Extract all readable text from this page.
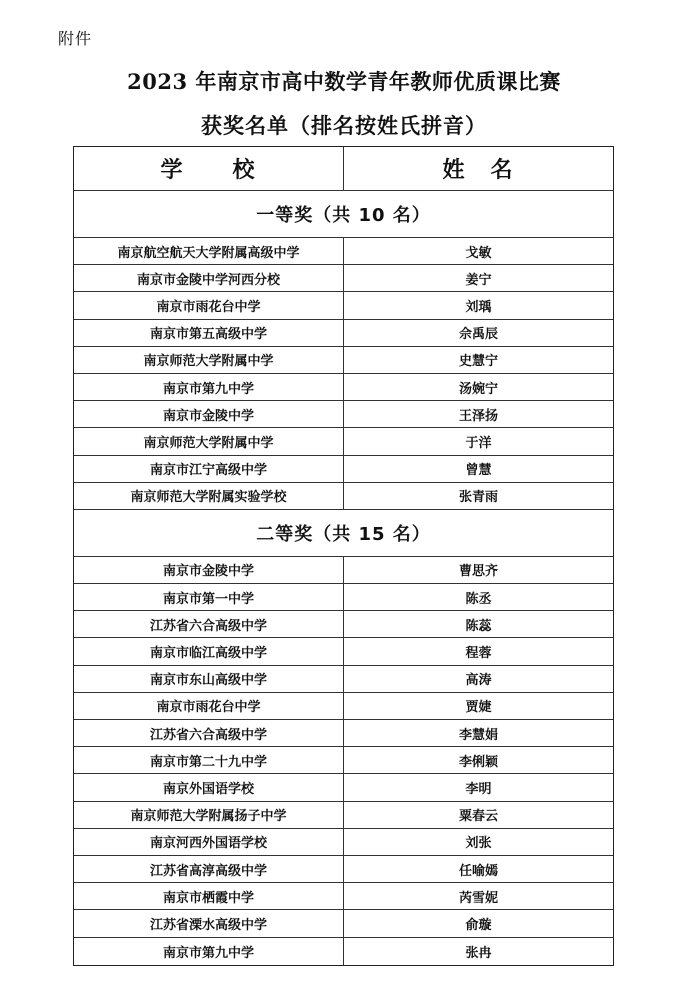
附件
2023 年南京市高中数学青年教师优质课比赛
获奖名单（排名按姓氏拼音）
学　　校	姓　名
一等奖（共 10 名）
南京航空航天大学附属高级中学	戈敏
南京市金陵中学河西分校	姜宁
南京市雨花台中学	刘瑀
南京市第五高级中学	佘禹辰
南京师范大学附属中学	史慧宁
南京市第九中学	汤婉宁
南京市金陵中学	王泽扬
南京师范大学附属中学	于洋
南京市江宁高级中学	曾慧
南京师范大学附属实验学校	张青雨
二等奖（共 15 名）
南京市金陵中学	曹思齐
南京市第一中学	陈丞
江苏省六合高级中学	陈蕊
南京市临江高级中学	程蓉
南京市东山高级中学	高涛
南京市雨花台中学	贾婕
江苏省六合高级中学	李慧娟
南京市第二十九中学	李俐颖
南京外国语学校	李明
南京师范大学附属扬子中学	粟春云
南京河西外国语学校	刘张
江苏省高淳高级中学	任喻嫣
南京市栖霞中学	芮雪妮
江苏省溧水高级中学	俞璇
南京市第九中学	张冉
